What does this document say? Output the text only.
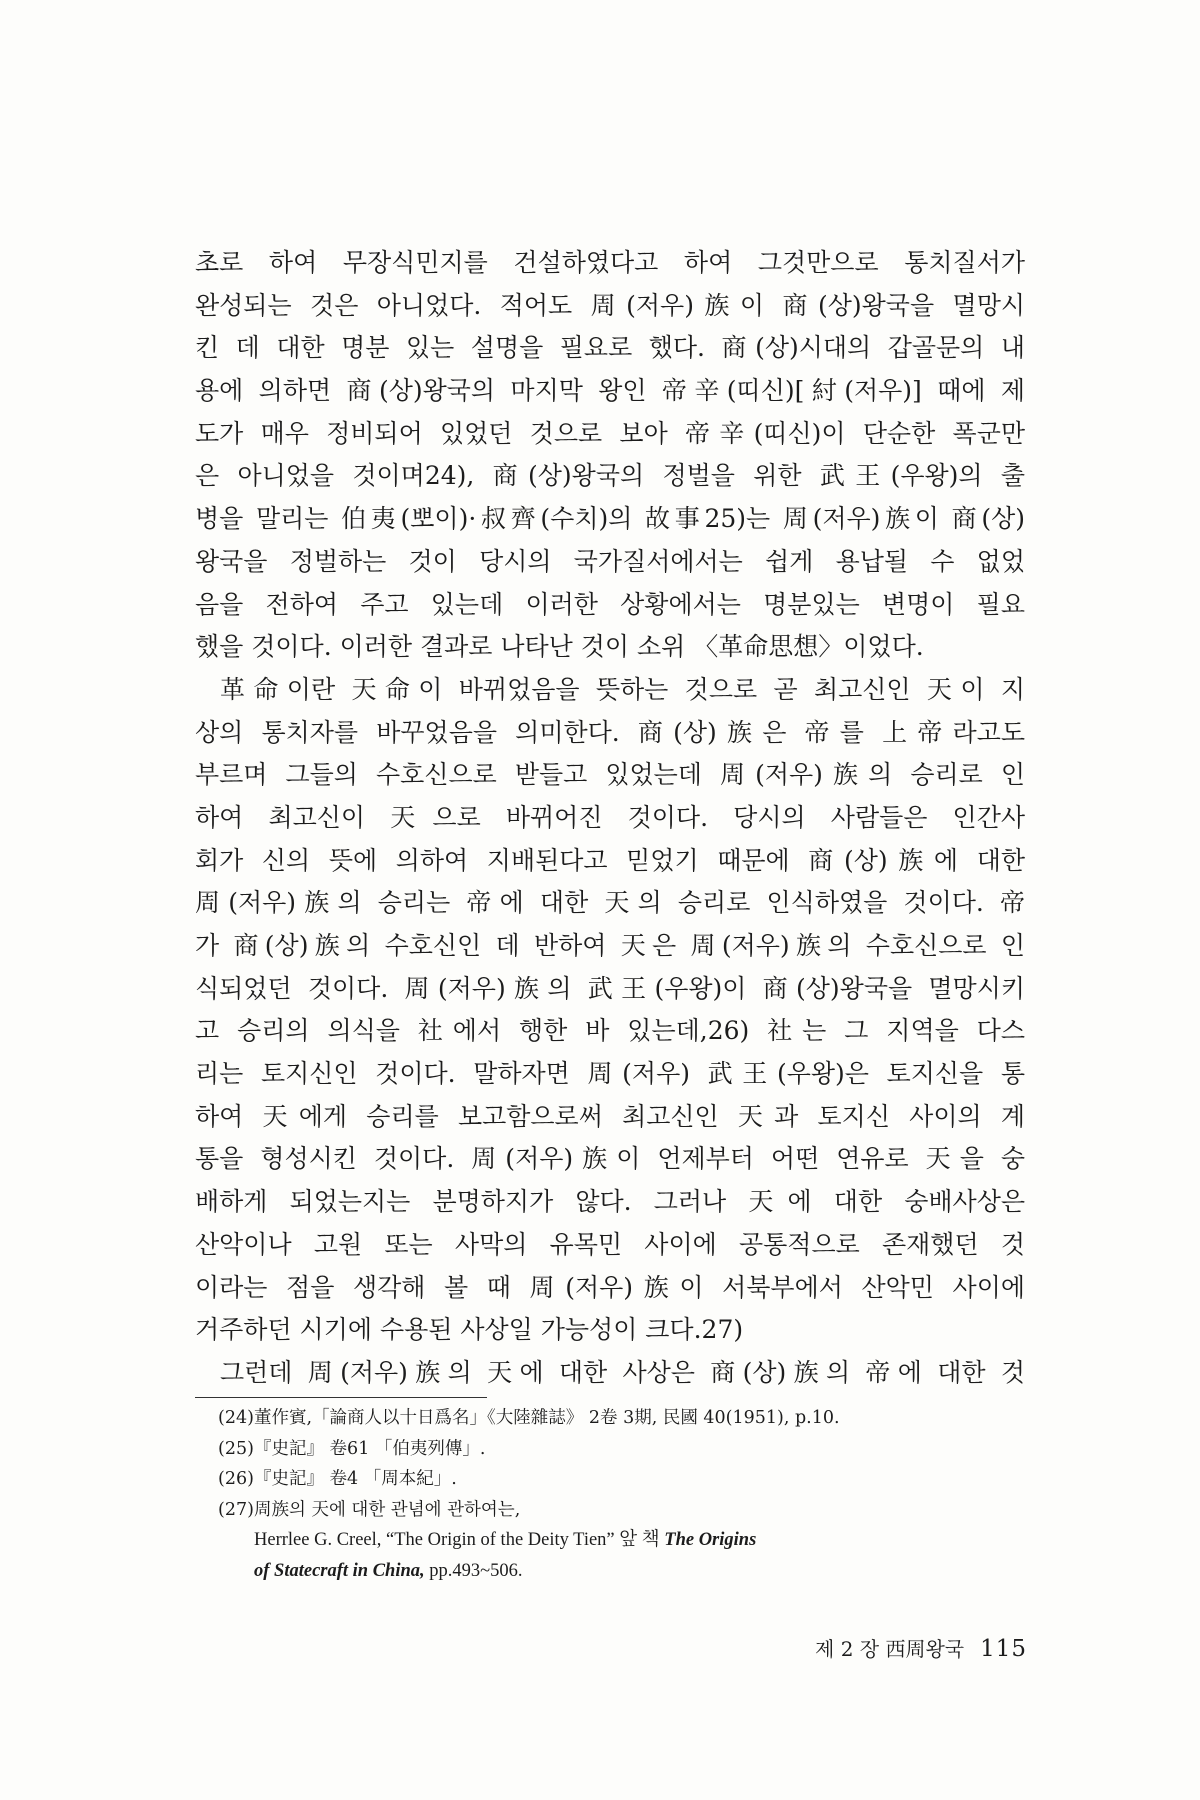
초로 하여 무장식민지를 건설하였다고 하여 그것만으로 통치질서가
완성되는 것은 아니었다. 적어도 周(저우)族이 商(상)왕국을 멸망시
킨 데 대한 명분 있는 설명을 필요로 했다. 商(상)시대의 갑골문의 내
용에 의하면 商(상)왕국의 마지막 왕인 帝辛(띠신)[紂(저우)] 때에 제
도가 매우 정비되어 있었던 것으로 보아 帝辛(띠신)이 단순한 폭군만
은 아니었을 것이며24), 商(상)왕국의 정벌을 위한 武王(우왕)의 출
병을 말리는 伯夷(뽀이)·叔齊(수치)의 故事25)는 周(저우)族이 商(상)
왕국을 정벌하는 것이 당시의 국가질서에서는 쉽게 용납될 수 없었
음을 전하여 주고 있는데 이러한 상황에서는 명분있는 변명이 필요
했을 것이다. 이러한 결과로 나타난 것이 소위 〈革命思想〉이었다.
革命이란 天命이 바뀌었음을 뜻하는 것으로 곧 최고신인 天이 지
상의 통치자를 바꾸었음을 의미한다. 商(상)族은 帝를 上帝라고도
부르며 그들의 수호신으로 받들고 있었는데 周(저우)族의 승리로 인
하여 최고신이 天으로 바뀌어진 것이다. 당시의 사람들은 인간사
회가 신의 뜻에 의하여 지배된다고 믿었기 때문에 商(상)族에 대한
周(저우)族의 승리는 帝에 대한 天의 승리로 인식하였을 것이다. 帝
가 商(상)族의 수호신인 데 반하여 天은 周(저우)族의 수호신으로 인
식되었던 것이다. 周(저우)族의 武王(우왕)이 商(상)왕국을 멸망시키
고 승리의 의식을 社에서 행한 바 있는데,26) 社는 그 지역을 다스
리는 토지신인 것이다. 말하자면 周(저우) 武王(우왕)은 토지신을 통
하여 天에게 승리를 보고함으로써 최고신인 天과 토지신 사이의 계
통을 형성시킨 것이다. 周(저우)族이 언제부터 어떤 연유로 天을 숭
배하게 되었는지는 분명하지가 않다. 그러나 天에 대한 숭배사상은
산악이나 고원 또는 사막의 유목민 사이에 공통적으로 존재했던 것
이라는 점을 생각해 볼 때 周(저우)族이 서북부에서 산악민 사이에
거주하던 시기에 수용된 사상일 가능성이 크다.27)
그런데 周(저우)族의 天에 대한 사상은 商(상)族의 帝에 대한 것
(24)董作賓,「論商人以十日爲名」《大陸雜誌》 2卷 3期, 民國 40(1951), p.10.
(25)『史記』 卷61 「伯夷列傳」.
(26)『史記』 卷4 「周本紀」.
(27)周族의 天에 대한 관념에 관하여는,
Herrlee G. Creel, “The Origin of the Deity Tien” 앞 책 The Origins
of Statecraft in China, pp.493~506.
제 2 장 西周왕국 115
